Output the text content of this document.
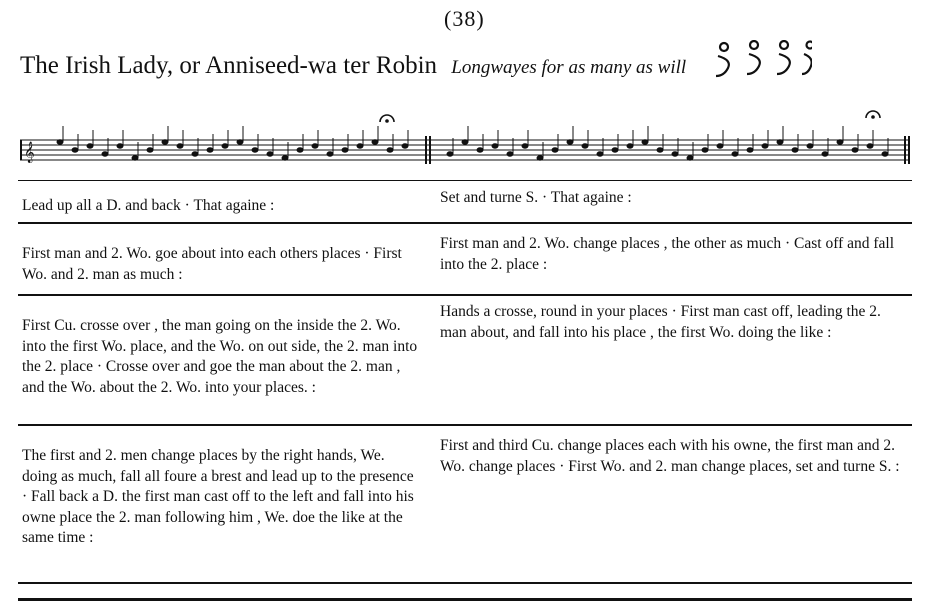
(38)
The Irish Lady, or Anniseed-wa ter Robin Longwayes for as many as will
𝄞
Lead up all a D. and back · That againe :	Set and turne S. · That againe :
First man and 2. Wo. goe about into each others places · First Wo. and 2. man as much :
First man and 2. Wo. change places , the other as much · Cast off and fall into the 2. place :
First Cu. crosse over , the man going on the inside the 2. Wo. into the first Wo. place, and the Wo. on out side, the 2. man into the 2. place · Crosse over and goe the man about the 2. man , and the Wo. about the 2. Wo. into your places. :
Hands a crosse, round in your places · First man cast off, leading the 2. man about, and fall into his place , the first Wo. doing the like :
The first and 2. men change places by the right hands, We. doing as much, fall all foure a brest and lead up to the presence · Fall back a D. the first man cast off to the left and fall into his owne place the 2. man following him , We. doe the like at the same time :
First and third Cu. change places each with his owne, the first man and 2. Wo. change places · First Wo. and 2. man change places, set and turne S. :
